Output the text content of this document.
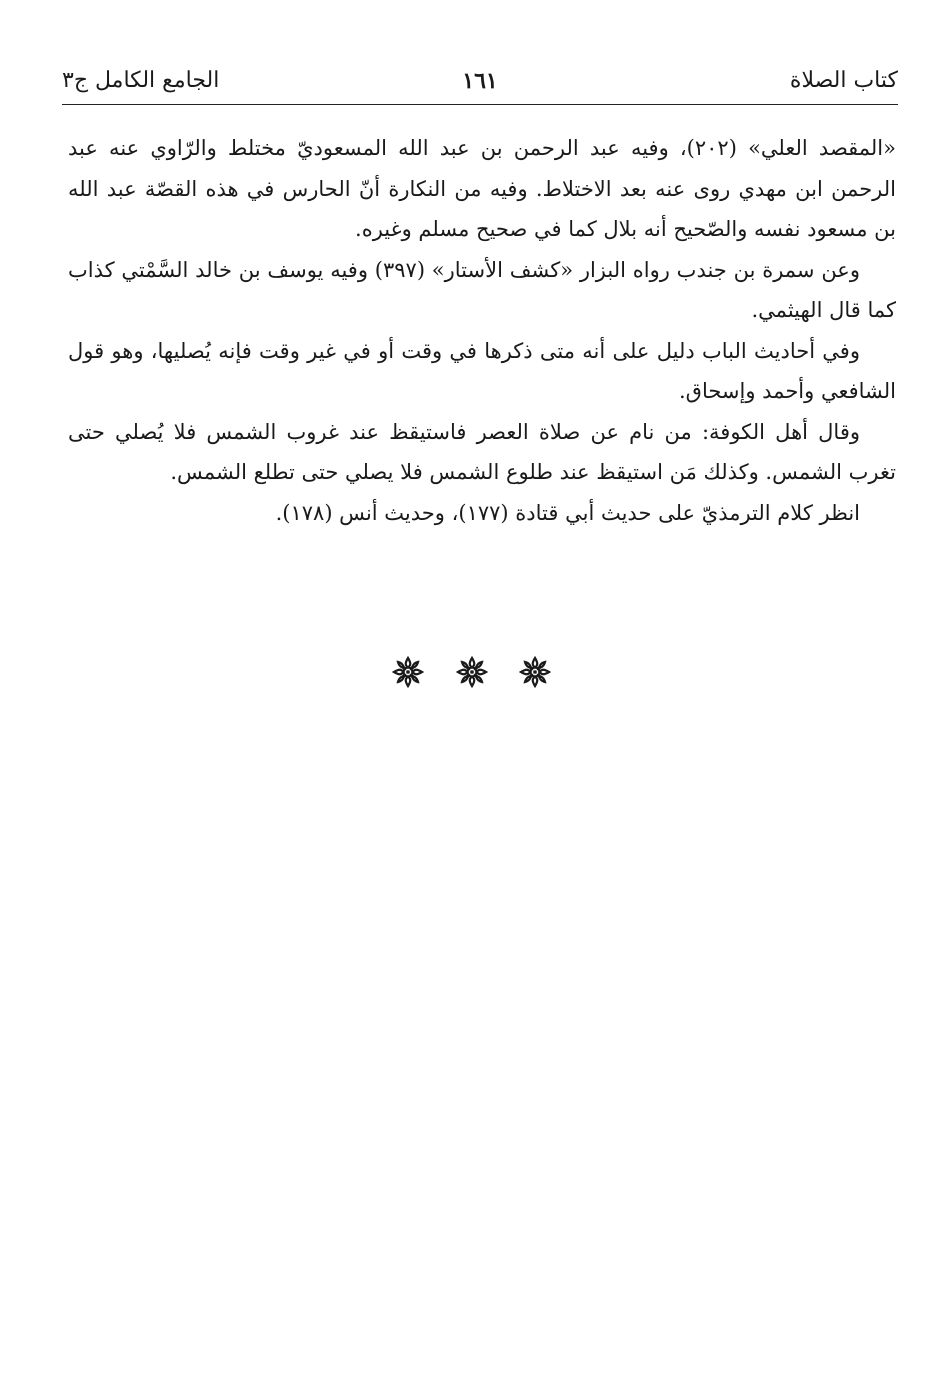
كتاب الصلاة
١٦١
الجامع الكامل ج٣

«المقصد العلي» (٢٠٢)، وفيه عبد الرحمن بن عبد الله المسعوديّ مختلط والرّاوي عنه عبد الرحمن ابن مهدي روى عنه بعد الاختلاط. وفيه من النكارة أنّ الحارس في هذه القصّة عبد الله بن مسعود نفسه والصّحيح أنه بلال كما في صحيح مسلم وغيره.

وعن سمرة بن جندب رواه البزار «كشف الأستار» (٣٩٧) وفيه يوسف بن خالد السَّمْتي كذاب كما قال الهيثمي.

وفي أحاديث الباب دليل على أنه متى ذكرها في وقت أو في غير وقت فإنه يُصليها، وهو قول الشافعي وأحمد وإسحاق.

وقال أهل الكوفة: من نام عن صلاة العصر فاستيقظ عند غروب الشمس فلا يُصلي حتى تغرب الشمس. وكذلك مَن استيقظ عند طلوع الشمس فلا يصلي حتى تطلع الشمس.

انظر كلام الترمذيّ على حديث أبي قتادة (١٧٧)، وحديث أنس (١٧٨).
